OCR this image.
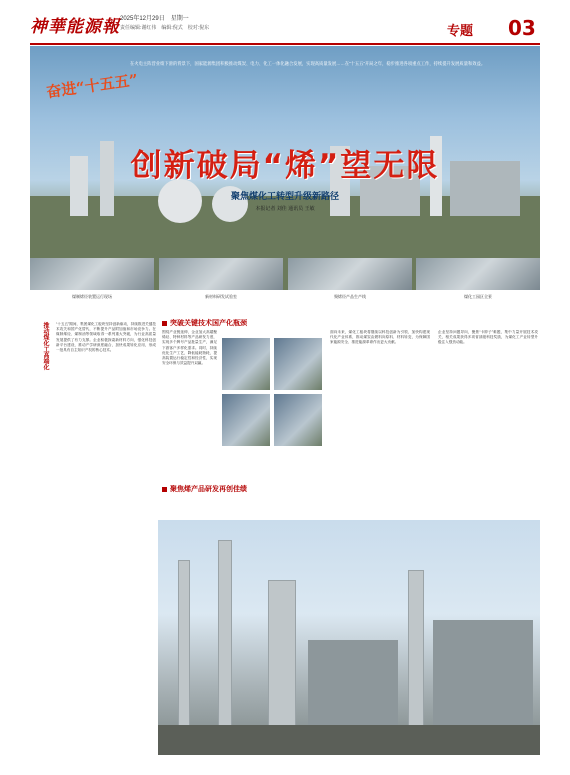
神華能源報 2025年12月29日　星期一
责任编辑:谢红伟　编辑:倪式　校对:倪东	专题 03
在火电主阵营业绩下滑的背景下，国家能源集团积极推动煤炭、电力、化工一体化融合发展，实现高质量发展……在“十五五”开局之年，稳步推进各项重点工作，持续提升发展质量和效益。
奋进“十五五”
创新破局“烯”望无限
聚焦煤化工转型升级新路径
本报记者 刘佳 通讯员 王敏
煤制烯烃装置运行现场	新材料研发试验室	聚烯烃产品生产线	煤化工园区全景
推动煤化工高端化	突破关键技术国产化瓶颈
聚焦烯产品研发再创佳绩
“十五五”期间，集团煤化工板块坚持创新驱动，持续推进关键技术攻关和国产化替代，不断提升产品附加值和市场竞争力。在煤制烯烃、煤制油等领域取得一系列重大突破，为行业高质量发展提供了有力支撑。企业积极探索新材料方向，强化科技创新平台建设，推动产学研深度融合，加快成果转化应用，形成一批具有自主知识产权的核心技术。
围绕产业链延伸，企业加大高端聚烯烃、特种材料等产品研发力度，实现多个牌号产品批量生产，满足下游客户多样化需求。同时，持续优化生产工艺，降低能耗物耗，提高装置运行稳定性和经济性，实现安全环保与效益提升双赢。
面向未来，煤化工板块将继续以科技创新为引领，加快构建现代化产业体系，推动煤炭由燃料向原料、材料转变，为保障国家能源安全、推进能源革命作出更大贡献。
企业坚持问题导向，聚焦“卡脖子”难题，集中力量开展技术攻关，相关成果获得多项省部级科技奖励，为煤化工产业转型升级注入强劲动能。
